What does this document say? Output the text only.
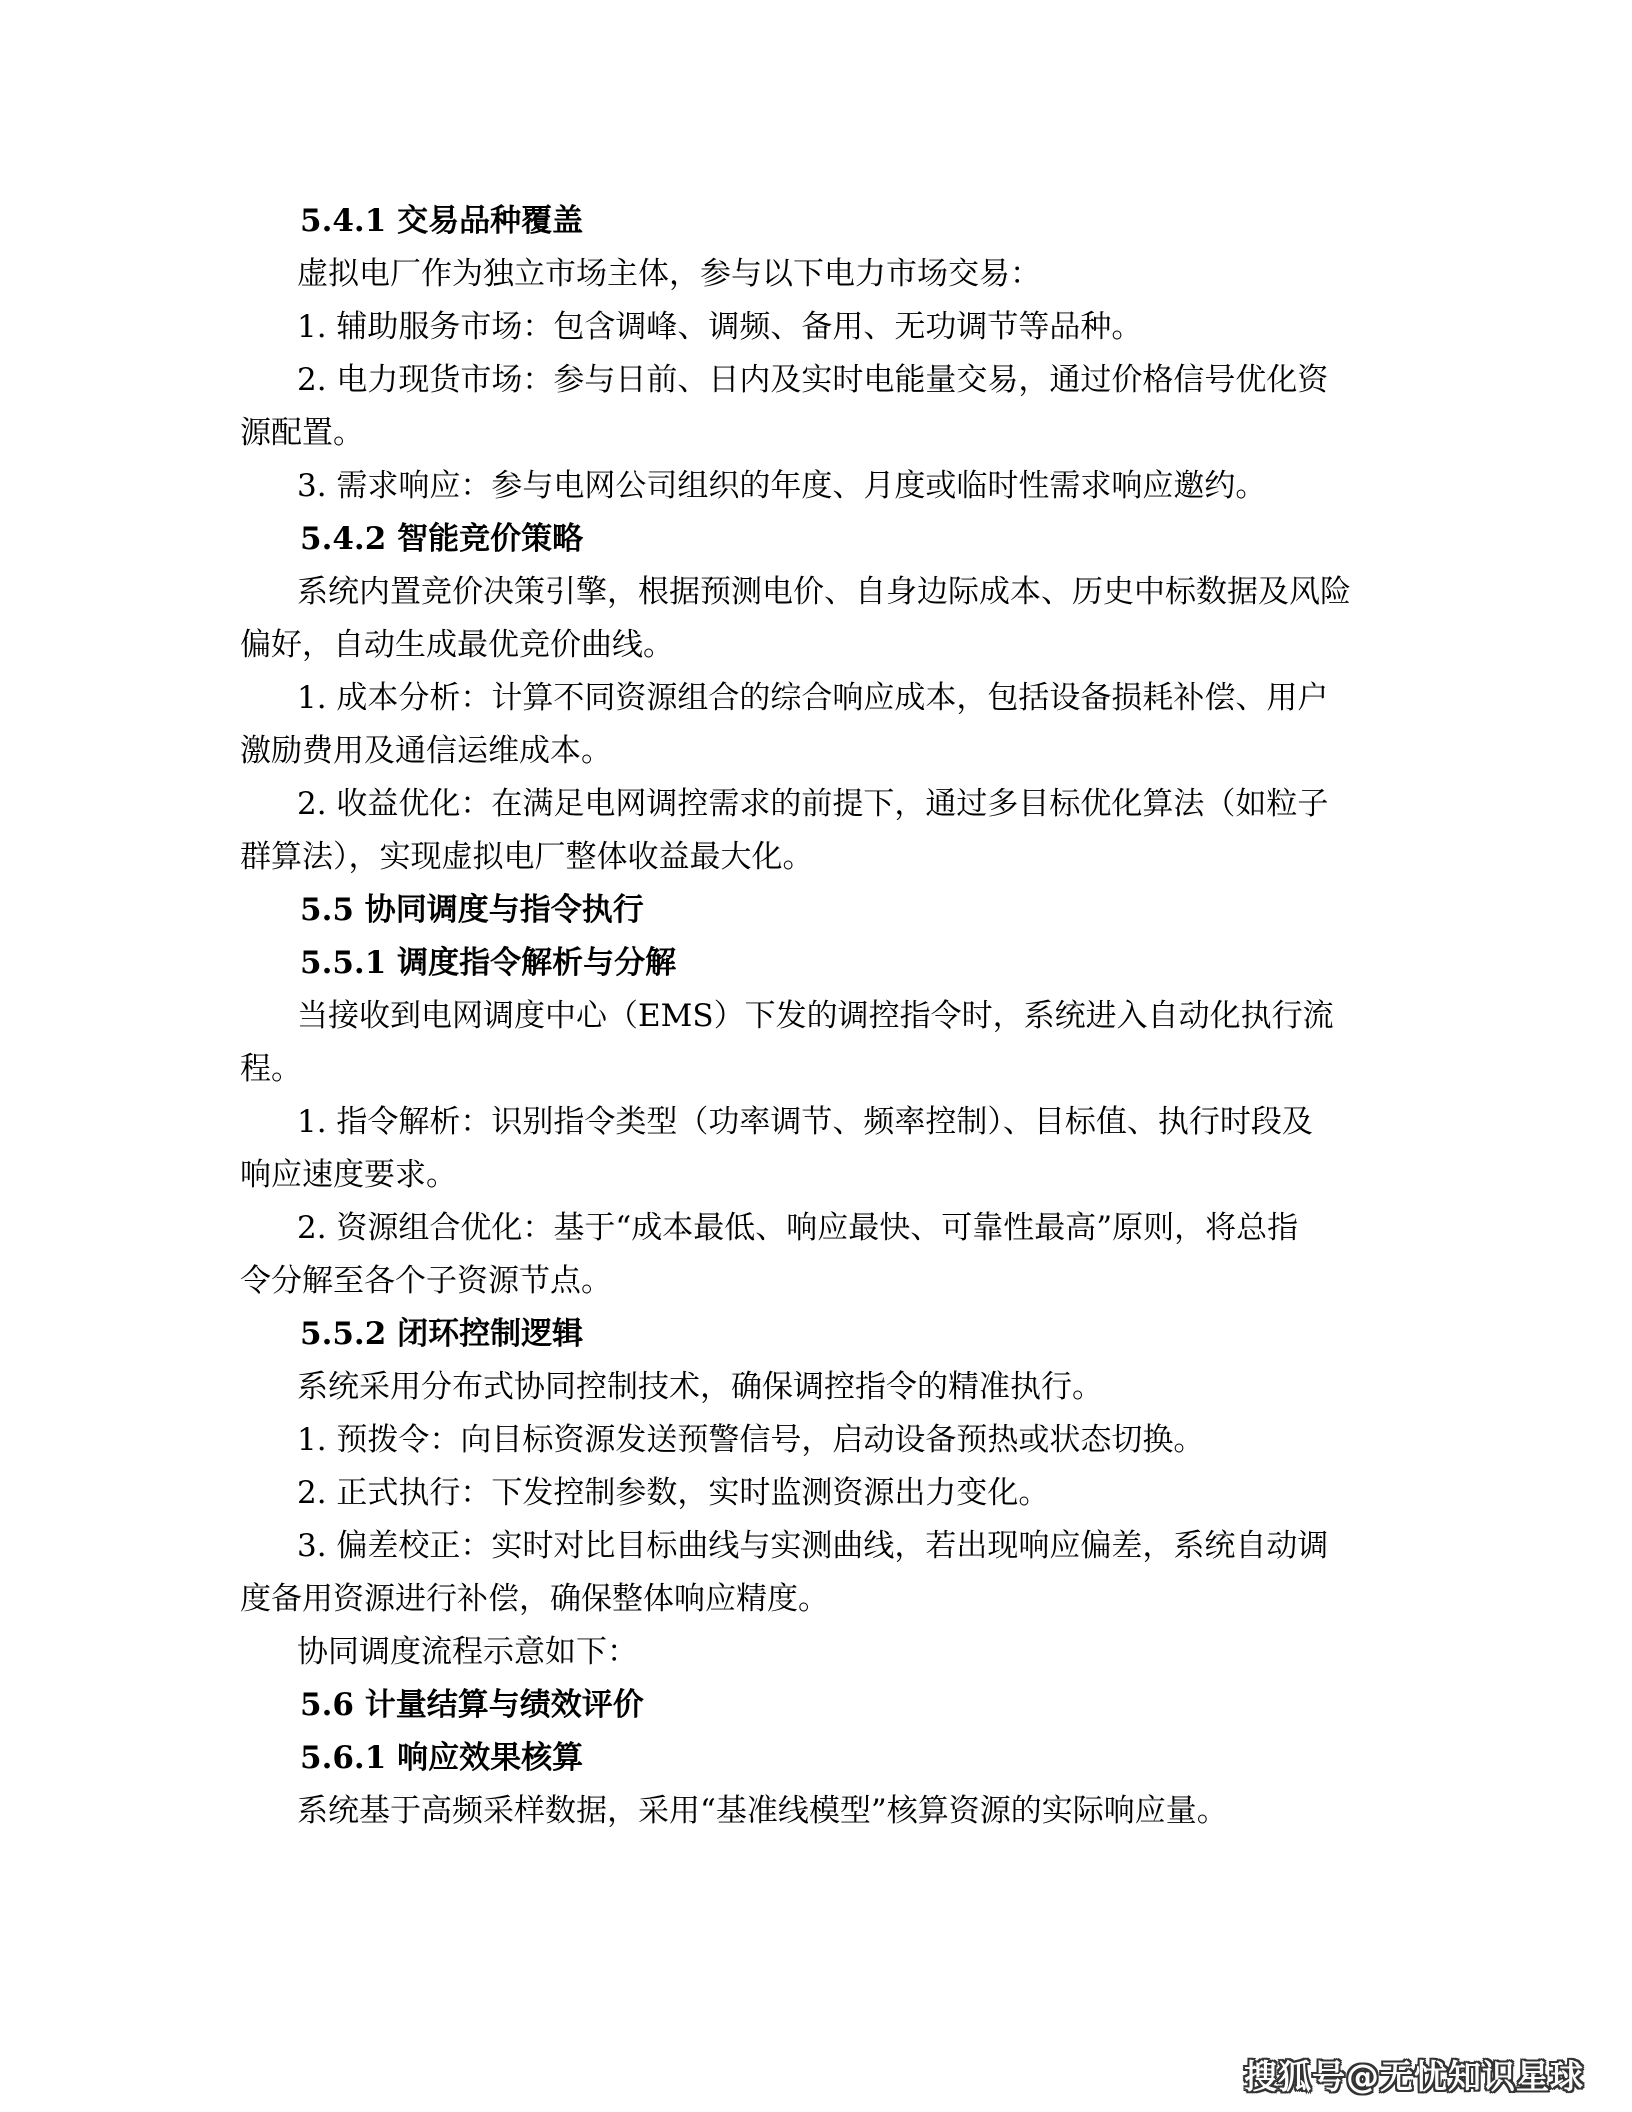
5.4.1 交易品种覆盖
虚拟电厂作为独立市场主体，参与以下电力市场交易：
1. 辅助服务市场：包含调峰、调频、备用、无功调节等品种。
2. 电力现货市场：参与日前、日内及实时电能量交易，通过价格信号优化资
源配置。
3. 需求响应：参与电网公司组织的年度、月度或临时性需求响应邀约。
5.4.2 智能竞价策略
系统内置竞价决策引擎，根据预测电价、自身边际成本、历史中标数据及风险
偏好，自动生成最优竞价曲线。
1. 成本分析：计算不同资源组合的综合响应成本，包括设备损耗补偿、用户
激励费用及通信运维成本。
2. 收益优化：在满足电网调控需求的前提下，通过多目标优化算法（如粒子
群算法），实现虚拟电厂整体收益最大化。
5.5 协同调度与指令执行
5.5.1 调度指令解析与分解
当接收到电网调度中心（EMS）下发的调控指令时，系统进入自动化执行流
程。
1. 指令解析：识别指令类型（功率调节、频率控制）、目标值、执行时段及
响应速度要求。
2. 资源组合优化：基于“成本最低、响应最快、可靠性最高”原则，将总指
令分解至各个子资源节点。
5.5.2 闭环控制逻辑
系统采用分布式协同控制技术，确保调控指令的精准执行。
1. 预拨令：向目标资源发送预警信号，启动设备预热或状态切换。
2. 正式执行：下发控制参数，实时监测资源出力变化。
3. 偏差校正：实时对比目标曲线与实测曲线，若出现响应偏差，系统自动调
度备用资源进行补偿，确保整体响应精度。
协同调度流程示意如下：
5.6 计量结算与绩效评价
5.6.1 响应效果核算
系统基于高频采样数据，采用“基准线模型”核算资源的实际响应量。
搜狐号@无忧知识星球
